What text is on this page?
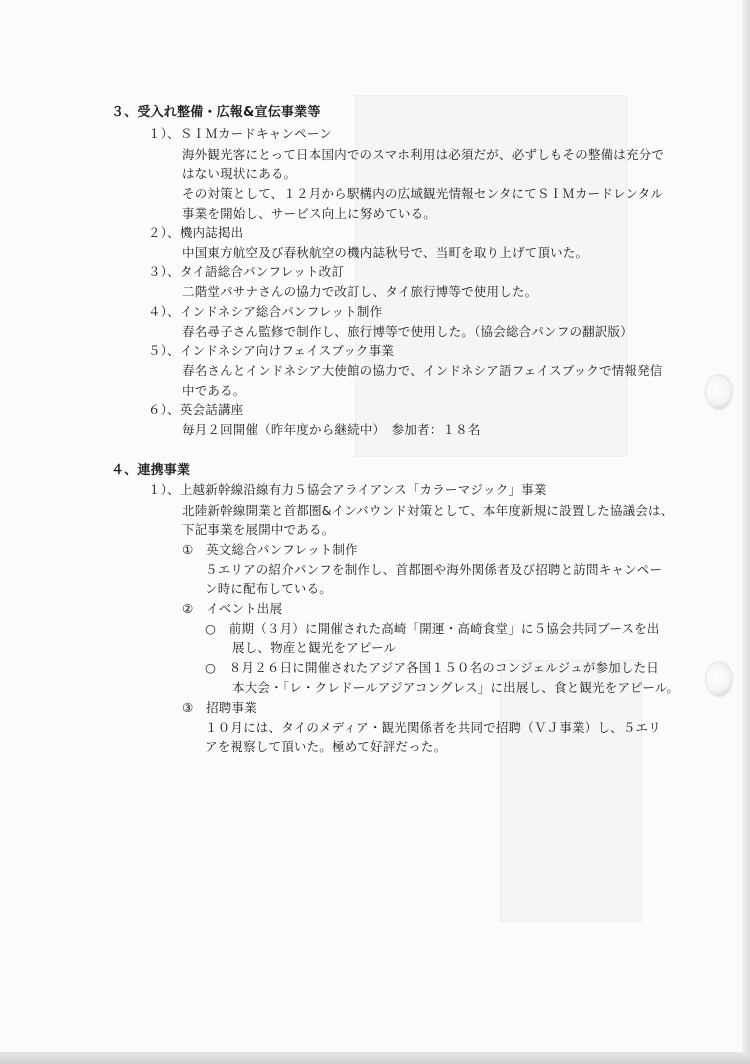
３、受入れ整備・広報&宣伝事業等
１）、ＳＩＭカードキャンペーン
海外観光客にとって日本国内でのスマホ利用は必須だが、必ずしもその整備は充分で
はない現状にある。
その対策として、１２月から駅構内の広域観光情報センタにてＳＩＭカードレンタル
事業を開始し、サービス向上に努めている。
２）、機内誌掲出
中国東方航空及び春秋航空の機内誌秋号で、当町を取り上げて頂いた。
３）、タイ語総合パンフレット改訂
二階堂パサナさんの協力で改訂し、タイ旅行博等で使用した。
４）、インドネシア総合パンフレット制作
春名尋子さん監修で制作し、旅行博等で使用した。（協会総合パンフの翻訳版）
５）、インドネシア向けフェイスブック事業
春名さんとインドネシア大使館の協力で、インドネシア語フェイスブックで情報発信
中である。
６）、英会話講座
毎月２回開催（昨年度から継続中）　参加者：１８名
４、連携事業
１）、上越新幹線沿線有力５協会アライアンス「カラーマジック」事業
北陸新幹線開業と首都圏&インバウンド対策として、本年度新規に設置した協議会は、
下記事業を展開中である。
①　英文総合パンフレット制作
５エリアの紹介パンフを制作し、首都圏や海外関係者及び招聘と訪問キャンペー
ン時に配布している。
②　イベント出展
○　前期（３月）に開催された高崎「開運・高崎食堂」に５協会共同ブースを出
展し、物産と観光をアピール
○　８月２６日に開催されたアジア各国１５０名のコンジェルジュが参加した日
本大会・「レ・クレドールアジアコングレス」に出展し、食と観光をアピール。
③　招聘事業
１０月には、タイのメディア・観光関係者を共同で招聘（ＶＪ事業）し、５エリ
アを視察して頂いた。極めて好評だった。
